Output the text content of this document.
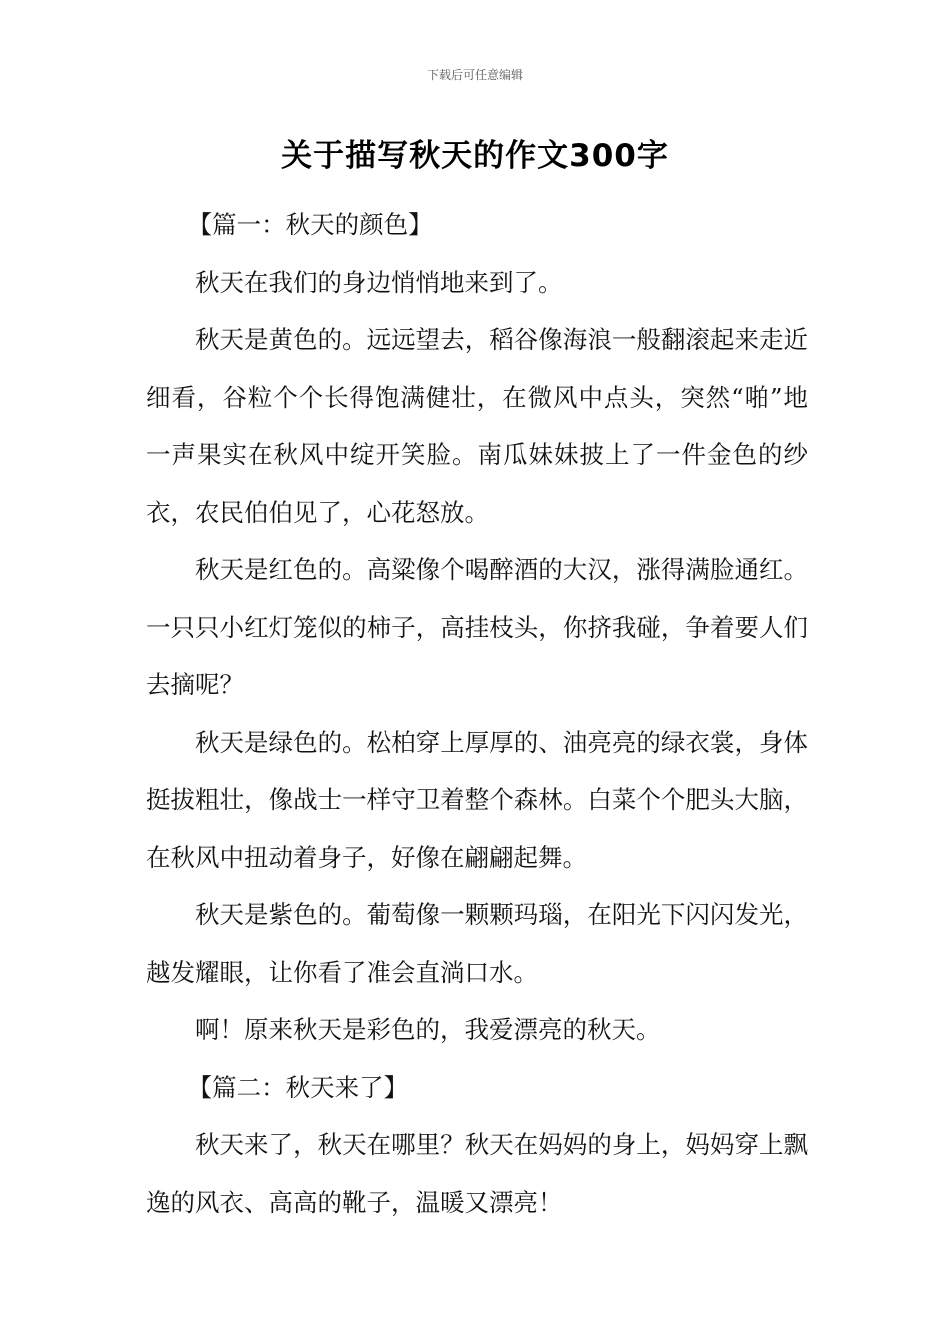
下载后可任意编辑
关于描写秋天的作文300字

【篇一：秋天的颜色】

秋天在我们的身边悄悄地来到了。

秋天是黄色的。远远望去，稻谷像海浪一般翻滚起来走近细看，谷粒个个长得饱满健壮，在微风中点头，突然“啪”地一声果实在秋风中绽开笑脸。南瓜妹妹披上了一件金色的纱衣，农民伯伯见了，心花怒放。

秋天是红色的。高粱像个喝醉酒的大汉，涨得满脸通红。一只只小红灯笼似的柿子，高挂枝头，你挤我碰，争着要人们去摘呢？

秋天是绿色的。松柏穿上厚厚的、油亮亮的绿衣裳，身体挺拔粗壮，像战士一样守卫着整个森林。白菜个个肥头大脑，在秋风中扭动着身子，好像在翩翩起舞。

秋天是紫色的。葡萄像一颗颗玛瑙，在阳光下闪闪发光，越发耀眼，让你看了准会直淌口水。

啊！原来秋天是彩色的，我爱漂亮的秋天。

【篇二：秋天来了】

秋天来了，秋天在哪里？秋天在妈妈的身上，妈妈穿上飘逸的风衣、高高的靴子，温暖又漂亮！
